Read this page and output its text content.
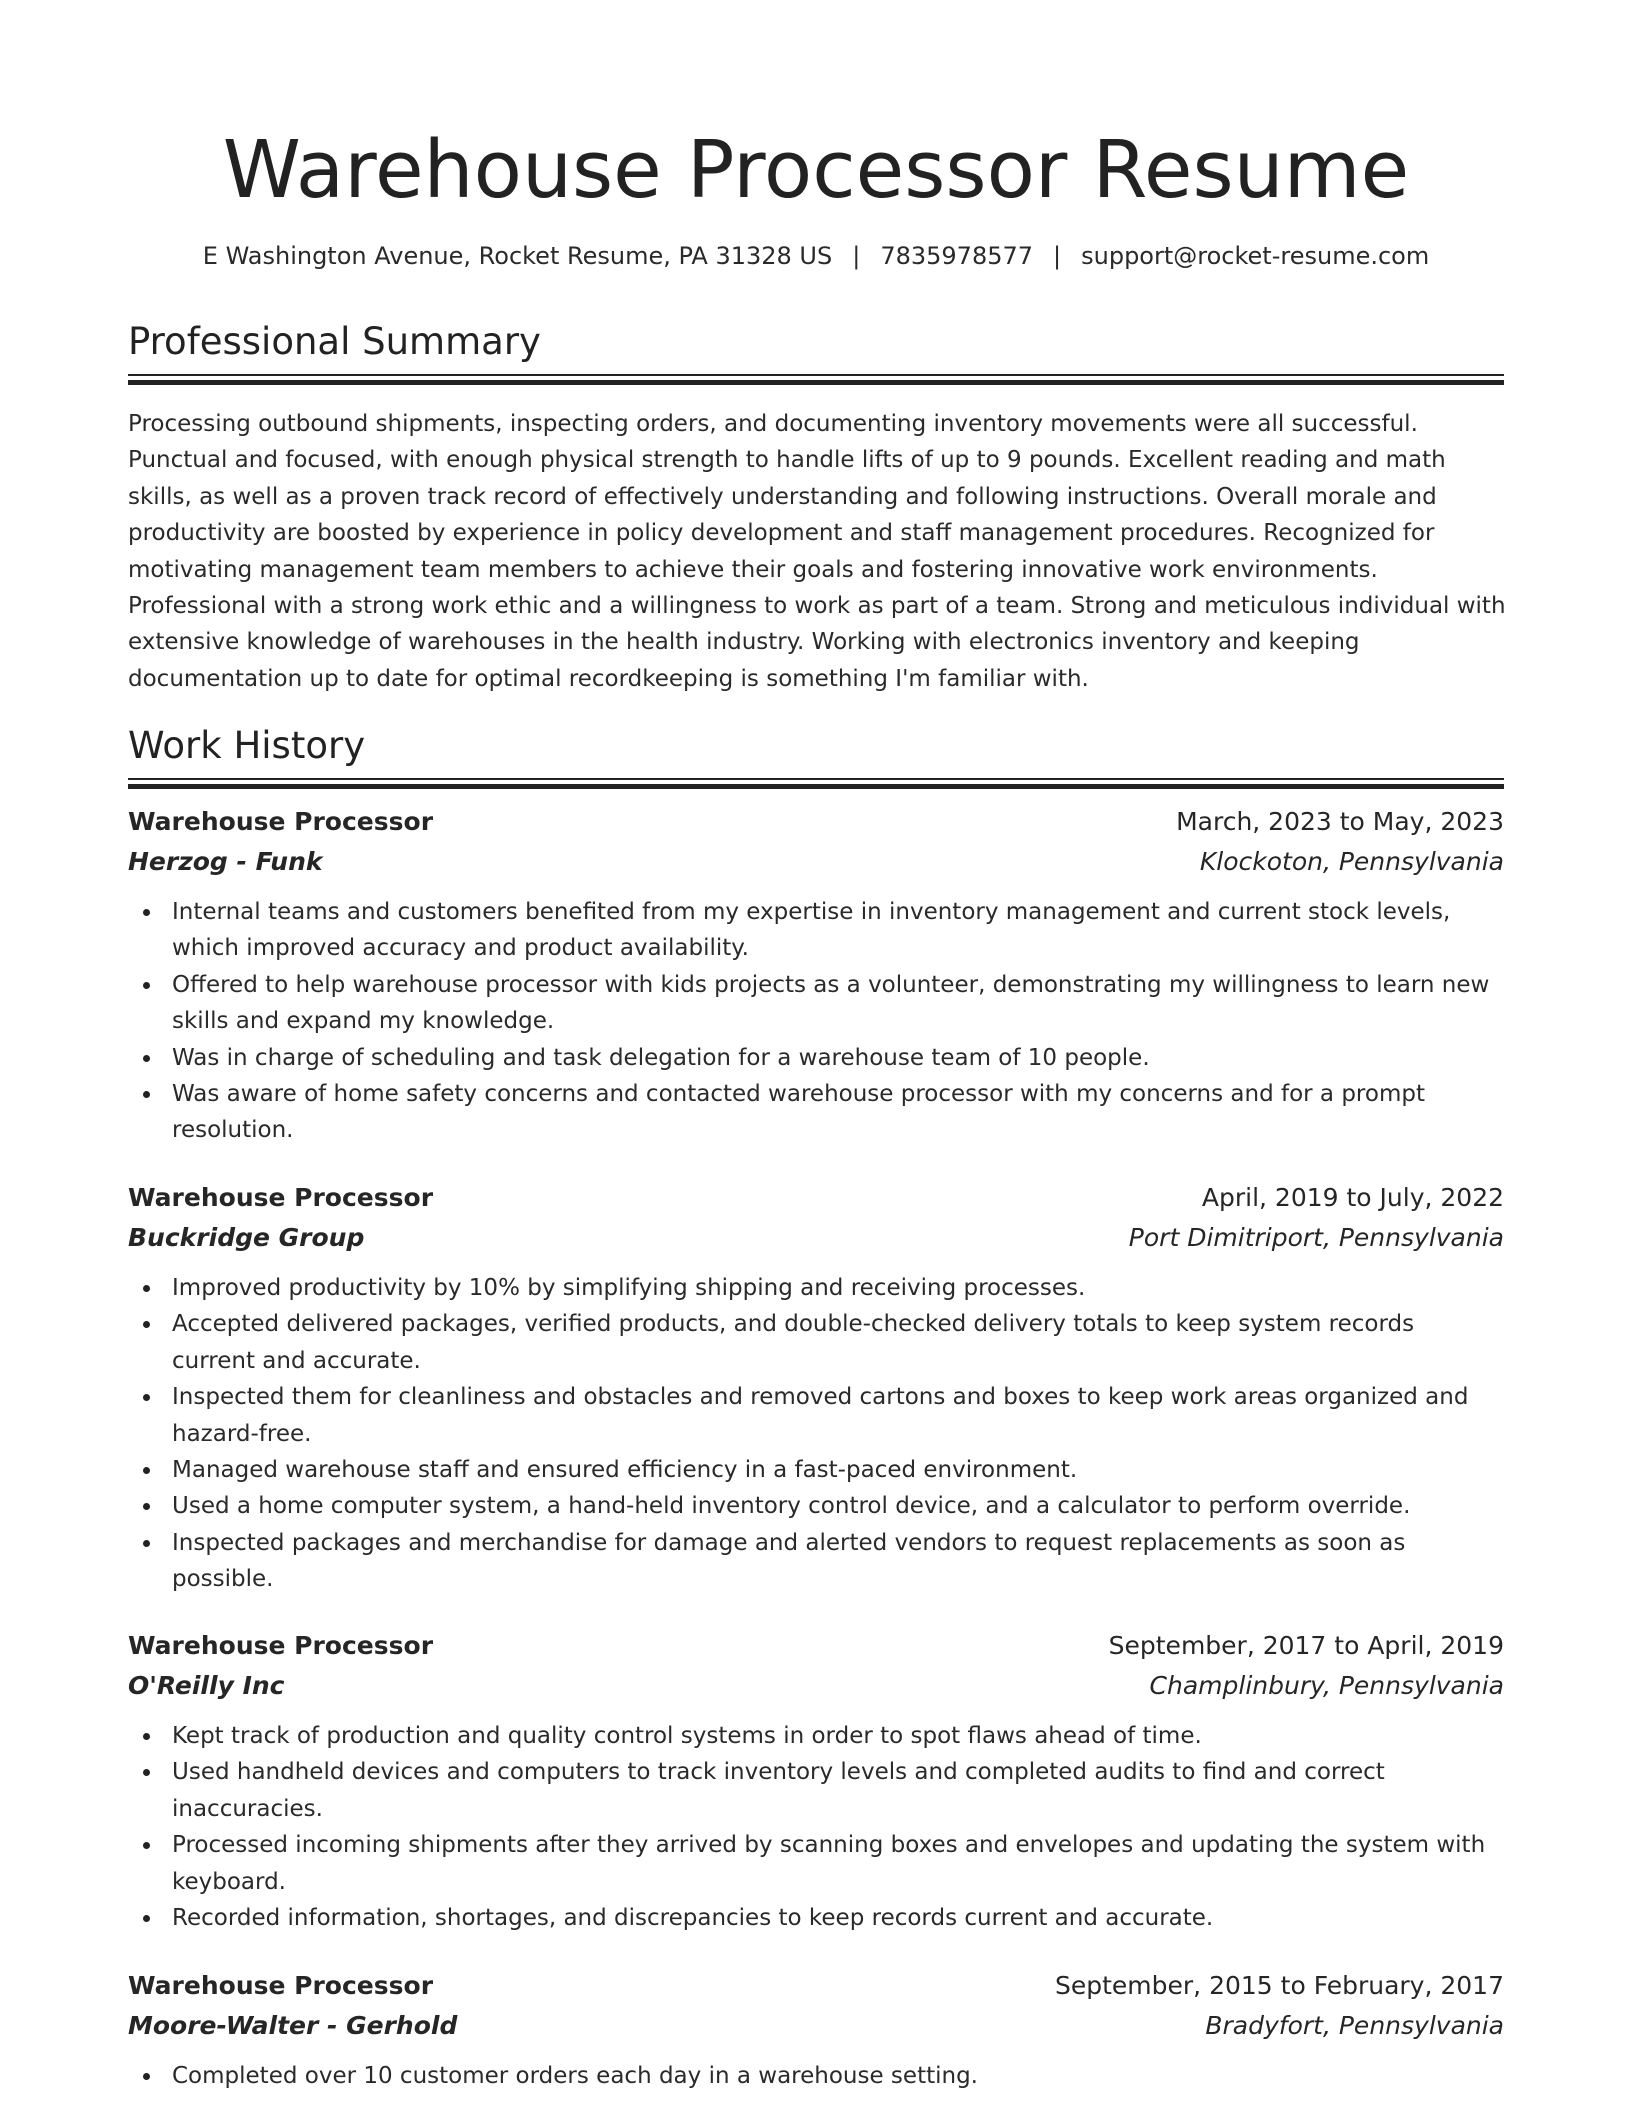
Warehouse Processor Resume
E Washington Avenue, Rocket Resume, PA 31328 US | 7835978577 | support@rocket-resume.com
Professional Summary

Processing outbound shipments, inspecting orders, and documenting inventory movements were all successful. Punctual and focused, with enough physical strength to handle lifts of up to 9 pounds. Excellent reading and math skills, as well as a proven track record of effectively understanding and following instructions. Overall morale and productivity are boosted by experience in policy development and staff management procedures. Recognized for motivating management team members to achieve their goals and fostering innovative work environments. Professional with a strong work ethic and a willingness to work as part of a team. Strong and meticulous individual with extensive knowledge of warehouses in the health industry. Working with electronics inventory and keeping documentation up to date for optimal recordkeeping is something I'm familiar with.

Work History
Warehouse Processor	March, 2023 to May, 2023
Herzog - Funk	Klockoton, Pennsylvania
Internal teams and customers benefited from my expertise in inventory management and current stock levels, which improved accuracy and product availability.
Offered to help warehouse processor with kids projects as a volunteer, demonstrating my willingness to learn new skills and expand my knowledge.
Was in charge of scheduling and task delegation for a warehouse team of 10 people.
Was aware of home safety concerns and contacted warehouse processor with my concerns and for a prompt resolution.
Warehouse Processor	April, 2019 to July, 2022
Buckridge Group	Port Dimitriport, Pennsylvania
Improved productivity by 10% by simplifying shipping and receiving processes.
Accepted delivered packages, verified products, and double-checked delivery totals to keep system records current and accurate.
Inspected them for cleanliness and obstacles and removed cartons and boxes to keep work areas organized and hazard-free.
Managed warehouse staff and ensured efficiency in a fast-paced environment.
Used a home computer system, a hand-held inventory control device, and a calculator to perform override.
Inspected packages and merchandise for damage and alerted vendors to request replacements as soon as possible.
Warehouse Processor	September, 2017 to April, 2019
O'Reilly Inc	Champlinbury, Pennsylvania
Kept track of production and quality control systems in order to spot flaws ahead of time.
Used handheld devices and computers to track inventory levels and completed audits to find and correct inaccuracies.
Processed incoming shipments after they arrived by scanning boxes and envelopes and updating the system with keyboard.
Recorded information, shortages, and discrepancies to keep records current and accurate.
Warehouse Processor	September, 2015 to February, 2017
Moore-Walter - Gerhold	Bradyfort, Pennsylvania
Completed over 10 customer orders each day in a warehouse setting.
